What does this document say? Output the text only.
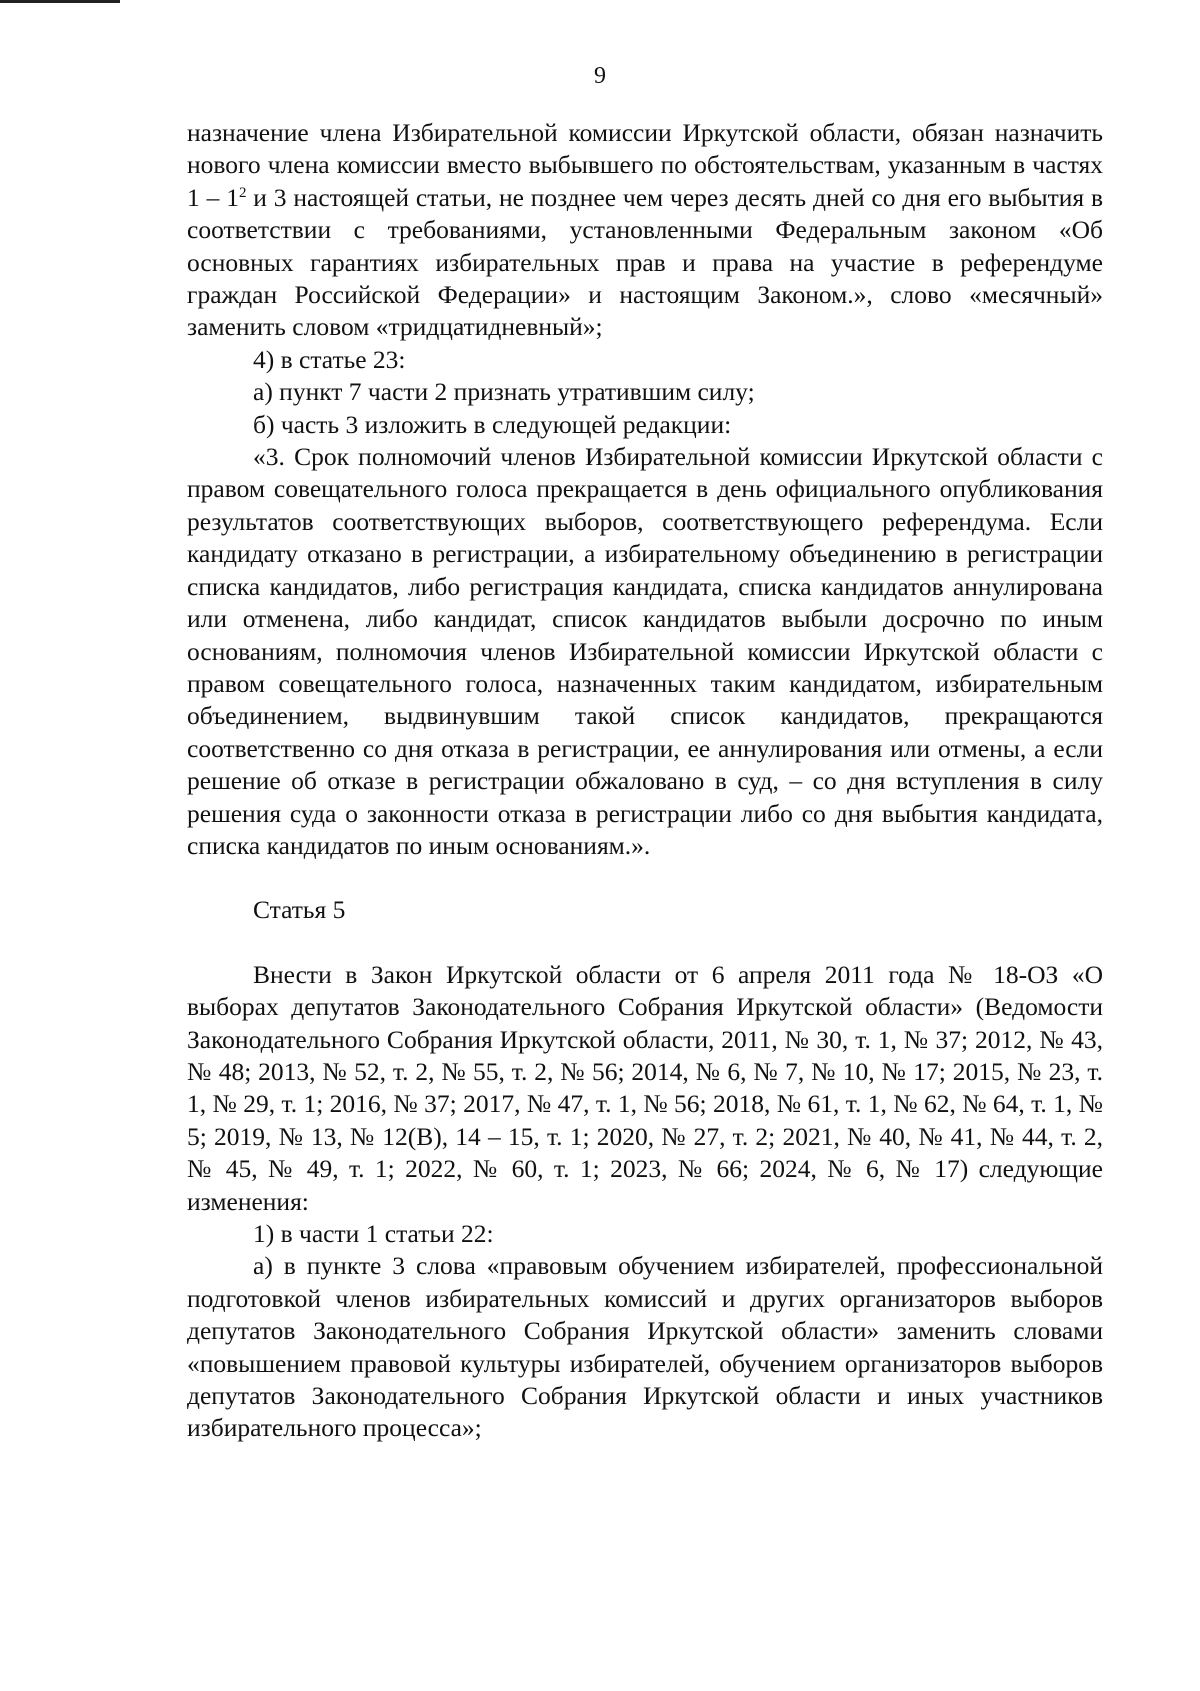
9

назначение члена Избирательной комиссии Иркутской области, обязан назначить нового члена комиссии вместо выбывшего по обстоятельствам, указанным в частях $1 - 1^2$ и 3 настоящей статьи, не позднее чем через десять дней со дня его выбытия в соответствии с требованиями, установленными Федеральным законом «Об основных гарантиях избирательных прав и права на участие в референдуме граждан Российской Федерации» и настоящим Законом.», слово «месячный» заменить словом «тридцатидневный»;

4) в статье 23:

а) пункт 7 части 2 признать утратившим силу;

б) часть 3 изложить в следующей редакции:

«3. Срок полномочий членов Избирательной комиссии Иркутской области с правом совещательного голоса прекращается в день официального опубликования результатов соответствующих выборов, соответствующего референдума. Если кандидату отказано в регистрации, а избирательному объединению в регистрации списка кандидатов, либо регистрация кандидата, списка кандидатов аннулирована или отменена, либо кандидат, список кандидатов выбыли досрочно по иным основаниям, полномочия членов Избирательной комиссии Иркутской области с правом совещательного голоса, назначенных таким кандидатом, избирательным объединением, выдвинувшим такой список кандидатов, прекращаются соответственно со дня отказа в регистрации, ее аннулирования или отмены, а если решение об отказе в регистрации обжаловано в суд, – со дня вступления в силу решения суда о законности отказа в регистрации либо со дня выбытия кандидата, списка кандидатов по иным основаниям.».

Статья 5

Внести в Закон Иркутской области от 6 апреля 2011 года № 18-ОЗ «О выборах депутатов Законодательного Собрания Иркутской области» (Ведомости Законодательного Собрания Иркутской области, 2011, № 30, т. 1, № 37; 2012, № 43, № 48; 2013, № 52, т. 2, № 55, т. 2, № 56; 2014, № 6, № 7, № 10, № 17; 2015, № 23, т. 1, № 29, т. 1; 2016, № 37; 2017, № 47, т. 1, № 56; 2018, № 61, т. 1, № 62, № 64, т. 1, № 5; 2019, № 13, № 12(В), 14 – 15, т. 1; 2020, № 27, т. 2; 2021, № 40, № 41, № 44, т. 2, № 45, № 49, т. 1; 2022, № 60, т. 1; 2023, № 66; 2024, № 6, № 17) следующие изменения:

1) в части 1 статьи 22:

а) в пункте 3 слова «правовым обучением избирателей, профессиональной подготовкой членов избирательных комиссий и других организаторов выборов депутатов Законодательного Собрания Иркутской области» заменить словами «повышением правовой культуры избирателей, обучением организаторов выборов депутатов Законодательного Собрания Иркутской области и иных участников избирательного процесса»;
